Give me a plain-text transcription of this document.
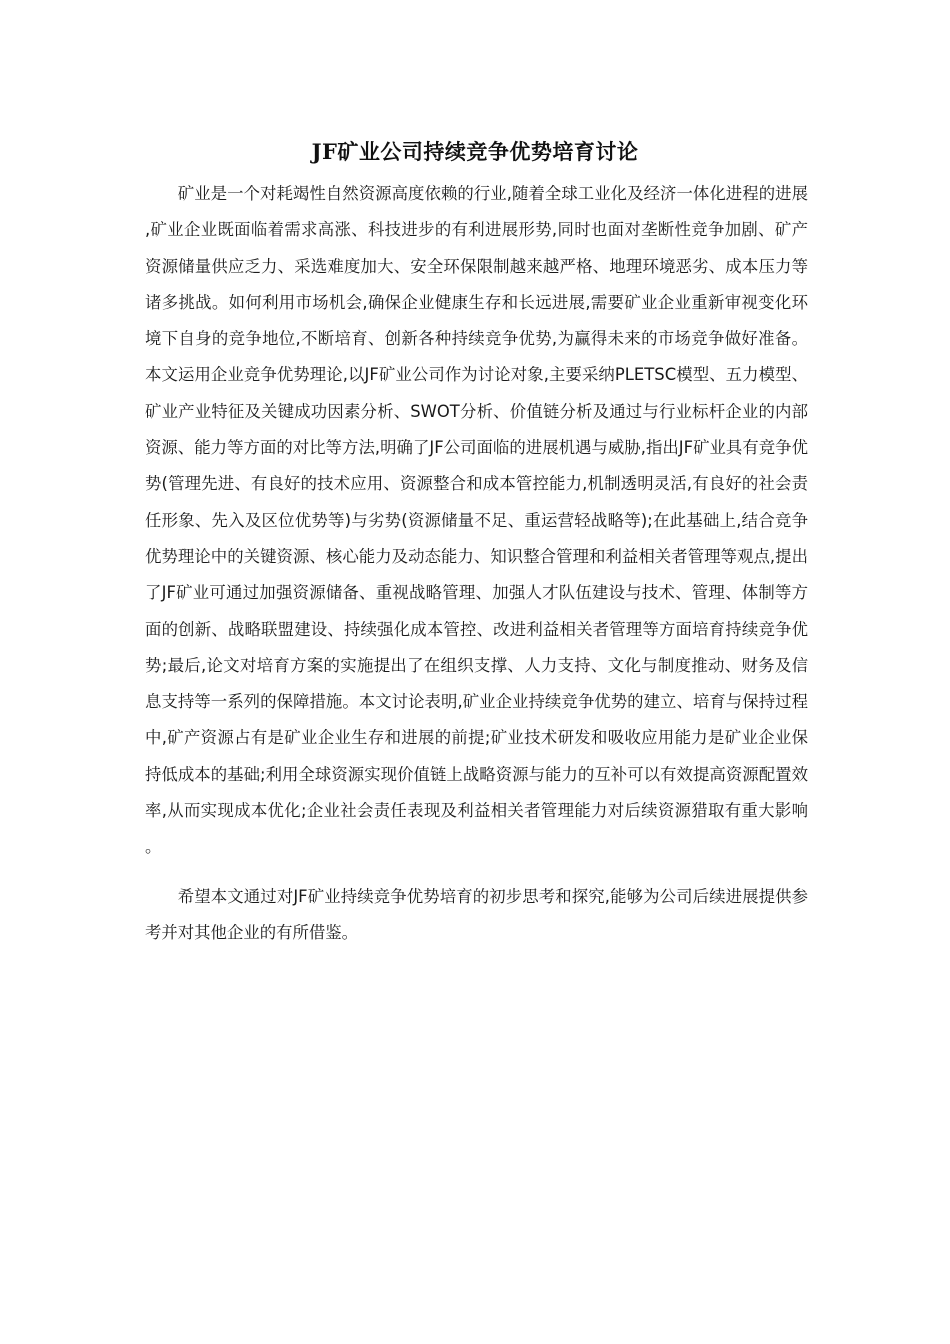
JF矿业公司持续竞争优势培育讨论

矿业是一个对耗竭性自然资源高度依赖的行业,随着全球工业化及经济一体化进程的进展,矿业企业既面临着需求高涨、科技进步的有利进展形势,同时也面对垄断性竞争加剧、矿产资源储量供应乏力、采选难度加大、安全环保限制越来越严格、地理环境恶劣、成本压力等诸多挑战。如何利用市场机会,确保企业健康生存和长远进展,需要矿业企业重新审视变化环境下自身的竞争地位,不断培育、创新各种持续竞争优势,为赢得未来的市场竞争做好准备。本文运用企业竞争优势理论,以JF矿业公司作为讨论对象,主要采纳PLETSC模型、五力模型、矿业产业特征及关键成功因素分析、SWOT分析、价值链分析及通过与行业标杆企业的内部资源、能力等方面的对比等方法,明确了JF公司面临的进展机遇与威胁,指出JF矿业具有竞争优势(管理先进、有良好的技术应用、资源整合和成本管控能力,机制透明灵活,有良好的社会责任形象、先入及区位优势等)与劣势(资源储量不足、重运营轻战略等);在此基础上,结合竞争优势理论中的关键资源、核心能力及动态能力、知识整合管理和利益相关者管理等观点,提出了JF矿业可通过加强资源储备、重视战略管理、加强人才队伍建设与技术、管理、体制等方面的创新、战略联盟建设、持续强化成本管控、改进利益相关者管理等方面培育持续竞争优势;最后,论文对培育方案的实施提出了在组织支撑、人力支持、文化与制度推动、财务及信息支持等一系列的保障措施。本文讨论表明,矿业企业持续竞争优势的建立、培育与保持过程中,矿产资源占有是矿业企业生存和进展的前提;矿业技术研发和吸收应用能力是矿业企业保持低成本的基础;利用全球资源实现价值链上战略资源与能力的互补可以有效提高资源配置效率,从而实现成本优化;企业社会责任表现及利益相关者管理能力对后续资源猎取有重大影响。

希望本文通过对JF矿业持续竞争优势培育的初步思考和探究,能够为公司后续进展提供参考并对其他企业的有所借鉴。
